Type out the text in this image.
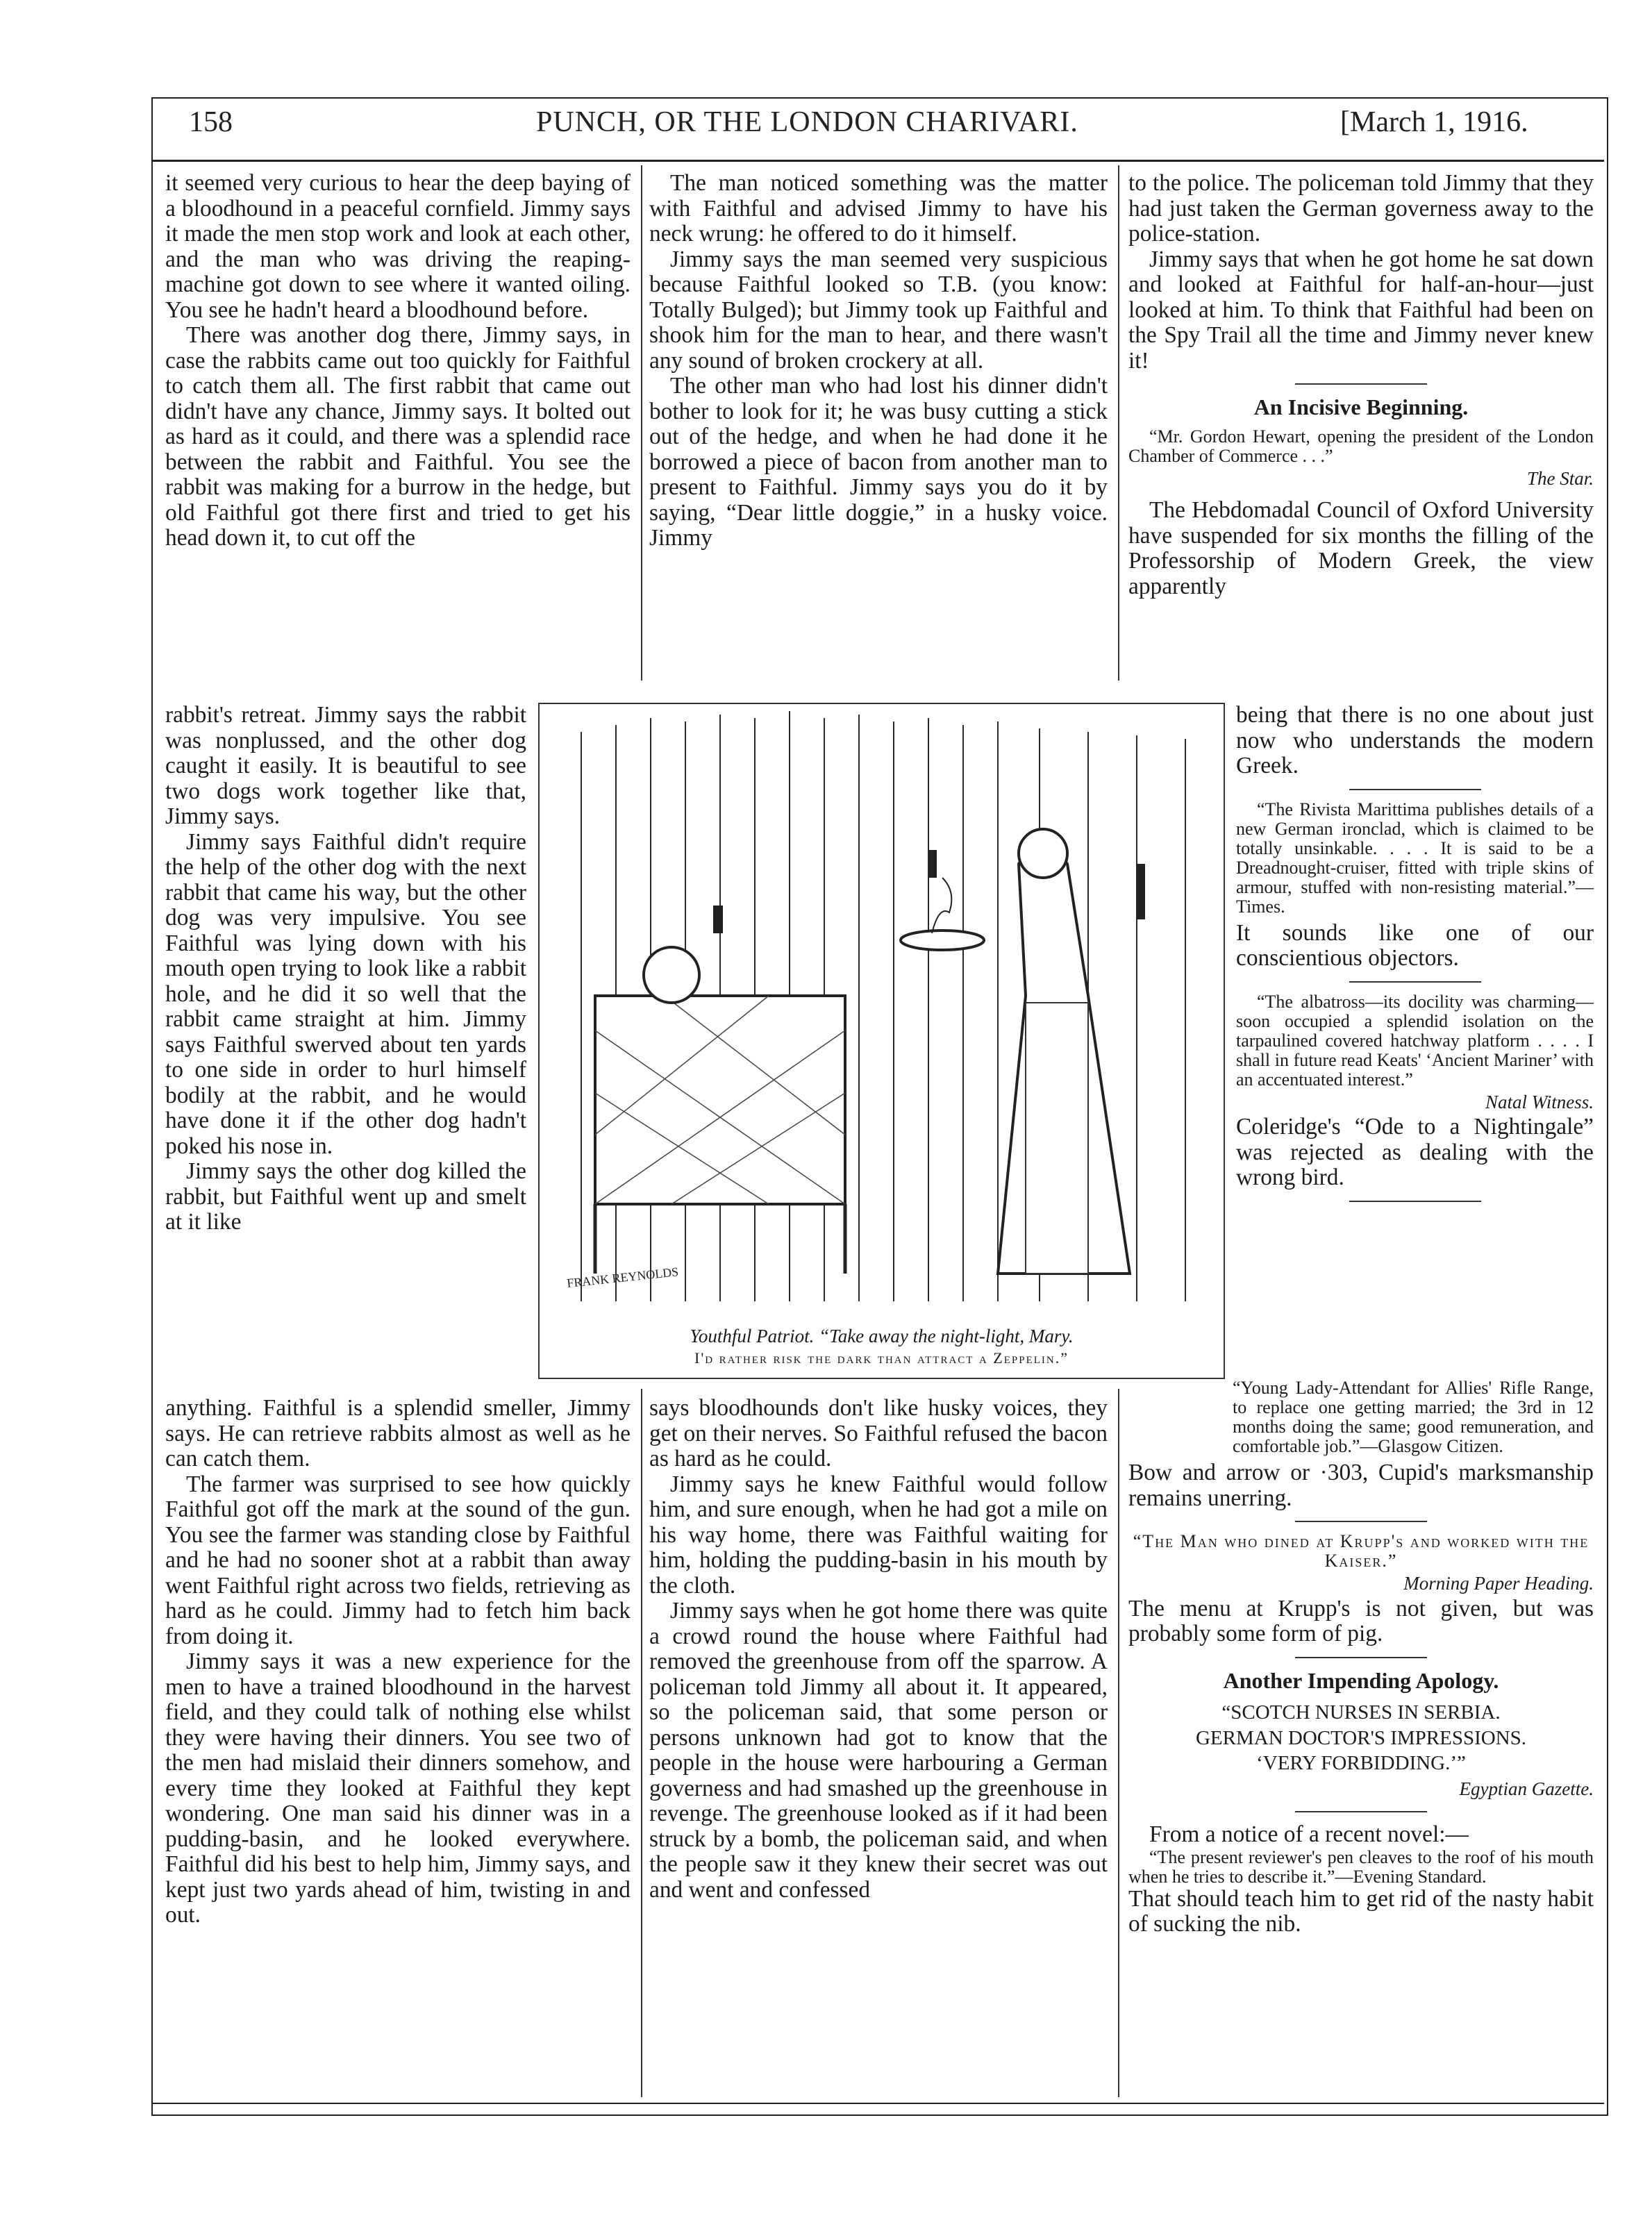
158	PUNCH, OR THE LONDON CHARIVARI.	[March 1, 1916.

it seemed very curious to hear the deep baying of a bloodhound in a peaceful cornfield. Jimmy says it made the men stop work and look at each other, and the man who was driving the reaping-machine got down to see where it wanted oiling. You see he hadn't heard a bloodhound before.

There was another dog there, Jimmy says, in case the rabbits came out too quickly for Faithful to catch them all. The first rabbit that came out didn't have any chance, Jimmy says. It bolted out as hard as it could, and there was a splendid race between the rabbit and Faithful. You see the rabbit was making for a burrow in the hedge, but old Faithful got there first and tried to get his head down it, to cut off the

rabbit's retreat. Jimmy says the rabbit was nonplussed, and the other dog caught it easily. It is beautiful to see two dogs work together like that, Jimmy says.

Jimmy says Faithful didn't require the help of the other dog with the next rabbit that came his way, but the other dog was very impulsive. You see Faithful was lying down with his mouth open trying to look like a rabbit hole, and he did it so well that the rabbit came straight at him. Jimmy says Faithful swerved about ten yards to one side in order to hurl himself bodily at the rabbit, and he would have done it if the other dog hadn't poked his nose in.

Jimmy says the other dog killed the rabbit, but Faithful went up and smelt at it like

anything. Faithful is a splendid smeller, Jimmy says. He can retrieve rabbits almost as well as he can catch them.

The farmer was surprised to see how quickly Faithful got off the mark at the sound of the gun. You see the farmer was standing close by Faithful and he had no sooner shot at a rabbit than away went Faithful right across two fields, retrieving as hard as he could. Jimmy had to fetch him back from doing it.

Jimmy says it was a new experience for the men to have a trained bloodhound in the harvest field, and they could talk of nothing else whilst they were having their dinners. You see two of the men had mislaid their dinners somehow, and every time they looked at Faithful they kept wondering. One man said his dinner was in a pudding-basin, and he looked everywhere. Faithful did his best to help him, Jimmy says, and kept just two yards ahead of him, twisting in and out.

The man noticed something was the matter with Faithful and advised Jimmy to have his neck wrung: he offered to do it himself.

Jimmy says the man seemed very suspicious because Faithful looked so T.B. (you know: Totally Bulged); but Jimmy took up Faithful and shook him for the man to hear, and there wasn't any sound of broken crockery at all.

The other man who had lost his dinner didn't bother to look for it; he was busy cutting a stick out of the hedge, and when he had done it he borrowed a piece of bacon from another man to present to Faithful. Jimmy says you do it by saying, “Dear little doggie,” in a husky voice. Jimmy

says bloodhounds don't like husky voices, they get on their nerves. So Faithful refused the bacon as hard as he could.

Jimmy says he knew Faithful would follow him, and sure enough, when he had got a mile on his way home, there was Faithful waiting for him, holding the pudding-basin in his mouth by the cloth.

Jimmy says when he got home there was quite a crowd round the house where Faithful had removed the greenhouse from off the sparrow. A policeman told Jimmy all about it. It appeared, so the policeman said, that some person or persons unknown had got to know that the people in the house were harbouring a German governess and had smashed up the greenhouse in revenge. The greenhouse looked as if it had been struck by a bomb, the policeman said, and when the people saw it they knew their secret was out and went and confessed

FRANK REYNOLDS
Youthful Patriot. “Take away the night-light, Mary.
I'd rather risk the dark than attract a Zeppelin.”

to the police. The policeman told Jimmy that they had just taken the German governess away to the police-station.

Jimmy says that when he got home he sat down and looked at Faithful for half-an-hour—just looked at him. To think that Faithful had been on the Spy Trail all the time and Jimmy never knew it!

An Incisive Beginning.

“Mr. Gordon Hewart, opening the president of the London Chamber of Commerce . . .”

The Star.

The Hebdomadal Council of Oxford University have suspended for six months the filling of the Professorship of Modern Greek, the view apparently

being that there is no one about just now who understands the modern Greek.

“The Rivista Marittima publishes details of a new German ironclad, which is claimed to be totally unsinkable. . . . It is said to be a Dreadnought-cruiser, fitted with triple skins of armour, stuffed with non-resisting material.”—Times.

It sounds like one of our conscientious objectors.

“The albatross—its docility was charming—soon occupied a splendid isolation on the tarpaulined covered hatchway platform . . . . I shall in future read Keats' ‘Ancient Mariner’ with an accentuated interest.”

Natal Witness.

Coleridge's “Ode to a Nightingale” was rejected as dealing with the wrong bird.

“Young Lady-Attendant for Allies' Rifle Range, to replace one getting married; the 3rd in 12 months doing the same; good remuneration, and comfortable job.”—Glasgow Citizen.

Bow and arrow or ·303, Cupid's marksmanship remains unerring.

“The Man who dined at Krupp's and worked with the Kaiser.”

Morning Paper Heading.

The menu at Krupp's is not given, but was probably some form of pig.

Another Impending Apology.
“SCOTCH NURSES IN SERBIA.
GERMAN DOCTOR'S IMPRESSIONS.
‘VERY FORBIDDING.’”
Egyptian Gazette.

From a notice of a recent novel:—

“The present reviewer's pen cleaves to the roof of his mouth when he tries to describe it.”—Evening Standard.

That should teach him to get rid of the nasty habit of sucking the nib.
